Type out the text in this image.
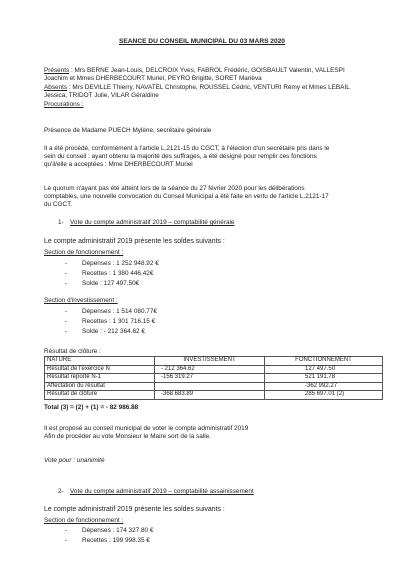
SEANCE DU CONSEIL MUNICIPAL DU 03 MARS 2020
Présents : Mrs BERNE Jean-Louis, DELCROIX Yves, FABROL Frédéric, GOISBAULT Valentin, VALLESPI
Joachim et Mmes DHERBECOURT Muriel, PEYRO Brigitte, SORET Marièva
Absents : Mrs DEVILLE Thierry, NAVATEL Christophe, ROUSSEL Cédric, VENTURI Rémy et Mmes LEBAIL
Jessica, TRIDOT Julie, VILAR Géraldine
Procurations :
Présence de Madame PUECH Mylène, secrétaire générale
Il a été procédé, conformément à l'article L.2121-15 du CGCT, à l'élection d'un secrétaire pris dans le
sein du conseil : ayant obtenu la majorité des suffrages, a été désigné pour remplir ces fonctions
qu'il/elle a acceptées : Mme DHERBECOURT Muriel
Le quorum n'ayant pas été atteint lors de la séance du 27 février 2020 pour les délibérations
comptables, une nouvelle convocation du Conseil Municipal a été faite en vertu de l'article L.2121-17
du CGCT.
1- Vote du compte administratif 2019 – comptabilité générale
Le compte administratif 2019 présente les soldes suivants :
Section de fonctionnement :
- Dépenses : 1 252 948.92 €
- Recettes : 1 380 446.42€
- Solde : 127 497.50€
Section d'investissement :
- Dépenses : 1 514 080.77€
- Recettes : 1 301 716.15 €
- Solde : - 212 364.62 €
Résultat de clôture :
NATURE	INVESTISSEMENT	FONCTIONNEMENT
Résultat de l'exercice N	- 212 364.62	127 497.50
Résultat reporté N-1	-156 319.27	521 191.78
Affectation du résultat		-362 992.27
Résultat de clôture	-368 683.89	285 697.01 (2)
Total (3) = (2) + (1) = - 82 986.88
Il est proposé au conseil municipal de voter le compte administratif 2019
Afin de procéder au vote Monsieur le Maire sort de la salle.
Vote pour : unanimité
2- Vote du compte administratif 2019 – comptabilité assainissement
Le compte administratif 2019 présente les soldes suivants :
Section de fonctionnement :
- Dépenses : 174 327.80 €
- Recettes : 199 998.35 €
